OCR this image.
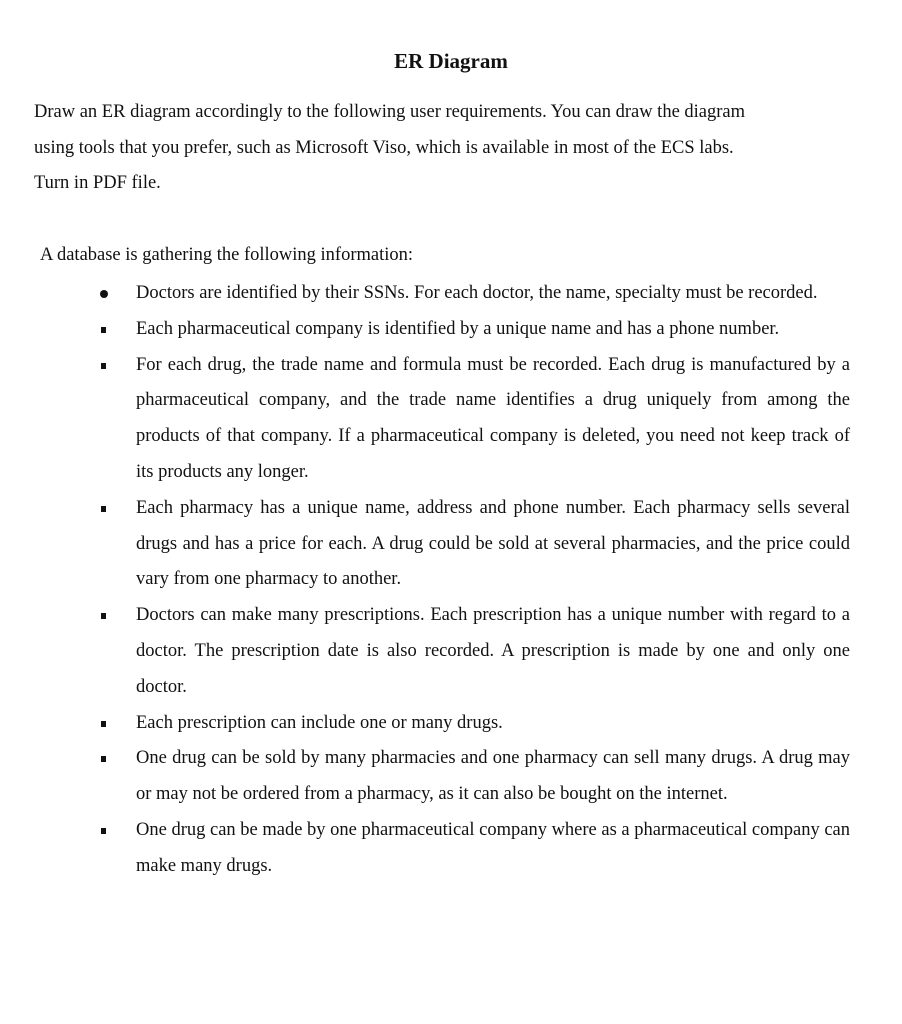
ER Diagram
Draw an ER diagram accordingly to the following user requirements. You can draw the diagram
using tools that you prefer, such as Microsoft Viso, which is available in most of the ECS labs.
Turn in PDF file.
A database is gathering the following information:
Doctors are identified by their SSNs. For each doctor, the name, specialty must be recorded.
Each pharmaceutical company is identified by a unique name and has a phone number.
For each drug, the trade name and formula must be recorded. Each drug is manufactured by a pharmaceutical company, and the trade name identifies a drug uniquely from among the products of that company. If a pharmaceutical company is deleted, you need not keep track of its products any longer.
Each pharmacy has a unique name, address and phone number. Each pharmacy sells several drugs and has a price for each. A drug could be sold at several pharmacies, and the price could vary from one pharmacy to another.
Doctors can make many prescriptions. Each prescription has a unique number with regard to a doctor. The prescription date is also recorded. A prescription is made by one and only one doctor.
Each prescription can include one or many drugs.
One drug can be sold by many pharmacies and one pharmacy can sell many drugs. A drug may or may not be ordered from a pharmacy, as it can also be bought on the internet.
One drug can be made by one pharmaceutical company where as a pharmaceutical company can make many drugs.
